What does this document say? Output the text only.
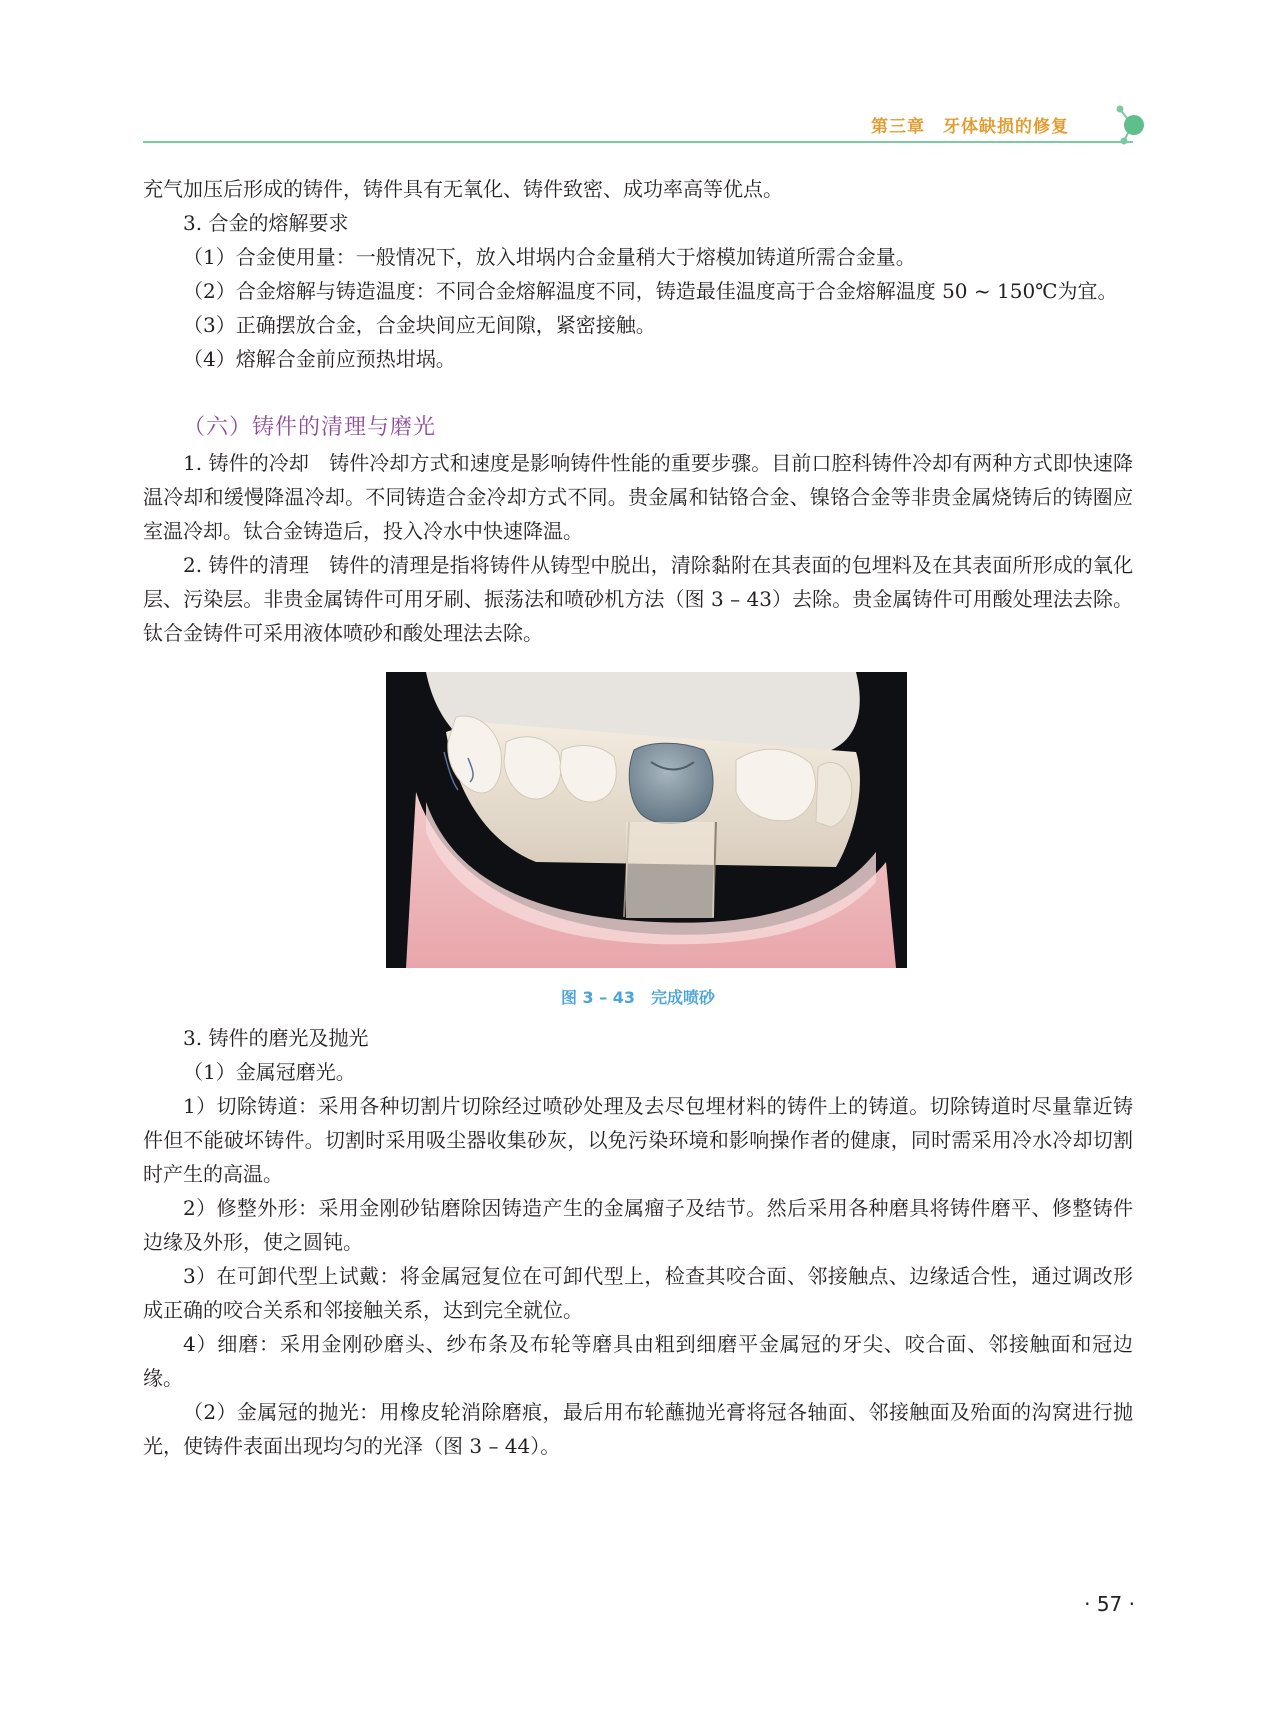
第三章　牙体缺损的修复

充气加压后形成的铸件，铸件具有无氧化、铸件致密、成功率高等优点。

3. 合金的熔解要求

（1）合金使用量：一般情况下，放入坩埚内合金量稍大于熔模加铸道所需合金量。

（2）合金熔解与铸造温度：不同合金熔解温度不同，铸造最佳温度高于合金熔解温度 50 ~ 150℃为宜。

（3）正确摆放合金，合金块间应无间隙，紧密接触。

（4）熔解合金前应预热坩埚。

（六）铸件的清理与磨光

1. 铸件的冷却　铸件冷却方式和速度是影响铸件性能的重要步骤。目前口腔科铸件冷却有两种方式即快速降温冷却和缓慢降温冷却。不同铸造合金冷却方式不同。贵金属和钴铬合金、镍铬合金等非贵金属烧铸后的铸圈应室温冷却。钛合金铸造后，投入冷水中快速降温。

2. 铸件的清理　铸件的清理是指将铸件从铸型中脱出，清除黏附在其表面的包埋料及在其表面所形成的氧化层、污染层。非贵金属铸件可用牙刷、振荡法和喷砂机方法（图 3 – 43）去除。贵金属铸件可用酸处理法去除。钛合金铸件可采用液体喷砂和酸处理法去除。

图 3 – 43　完成喷砂

3. 铸件的磨光及抛光

（1）金属冠磨光。

1）切除铸道：采用各种切割片切除经过喷砂处理及去尽包埋材料的铸件上的铸道。切除铸道时尽量靠近铸件但不能破坏铸件。切割时采用吸尘器收集砂灰，以免污染环境和影响操作者的健康，同时需采用冷水冷却切割时产生的高温。

2）修整外形：采用金刚砂钻磨除因铸造产生的金属瘤子及结节。然后采用各种磨具将铸件磨平、修整铸件边缘及外形，使之圆钝。

3）在可卸代型上试戴：将金属冠复位在可卸代型上，检查其咬合面、邻接触点、边缘适合性，通过调改形成正确的咬合关系和邻接触关系，达到完全就位。

4）细磨：采用金刚砂磨头、纱布条及布轮等磨具由粗到细磨平金属冠的牙尖、咬合面、邻接触面和冠边缘。

（2）金属冠的抛光：用橡皮轮消除磨痕，最后用布轮蘸抛光膏将冠各轴面、邻接触面及殆面的沟窝进行抛光，使铸件表面出现均匀的光泽（图 3 – 44）。

· 57 ·
